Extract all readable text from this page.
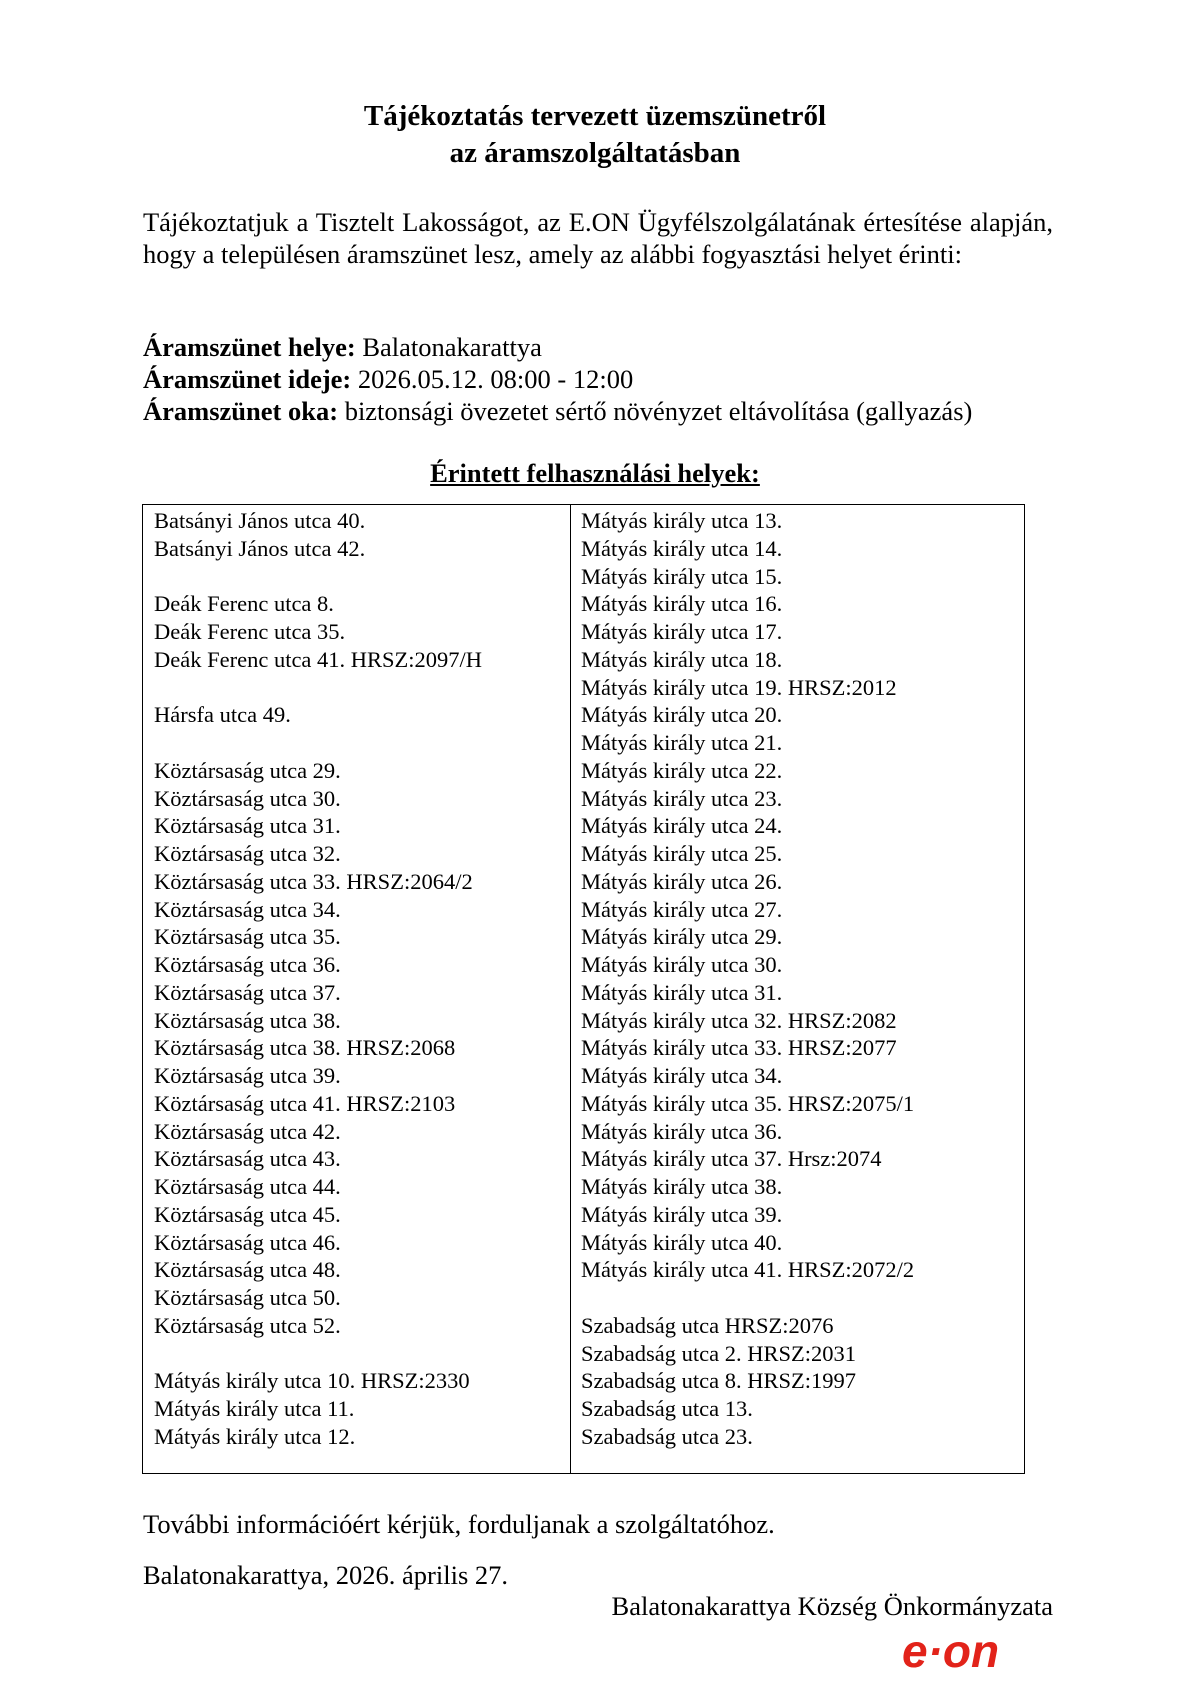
Tájékoztatás tervezett üzemszünetről
az áramszolgáltatásban
Tájékoztatjuk a Tisztelt Lakosságot, az E.ON Ügyfélszolgálatának értesítése alapján, hogy a településen áramszünet lesz, amely az alábbi fogyasztási helyet érinti:
Áramszünet helye: Balatonakarattya
Áramszünet ideje: 2026.05.12. 08:00 - 12:00
Áramszünet oka: biztonsági övezetet sértő növényzet eltávolítása (gallyazás)
Érintett felhasználási helyek:
Batsányi János utca 40.
Batsányi János utca 42.
Deák Ferenc utca 8.
Deák Ferenc utca 35.
Deák Ferenc utca 41. HRSZ:2097/H
Hársfa utca 49.
Köztársaság utca 29.
Köztársaság utca 30.
Köztársaság utca 31.
Köztársaság utca 32.
Köztársaság utca 33. HRSZ:2064/2
Köztársaság utca 34.
Köztársaság utca 35.
Köztársaság utca 36.
Köztársaság utca 37.
Köztársaság utca 38.
Köztársaság utca 38. HRSZ:2068
Köztársaság utca 39.
Köztársaság utca 41. HRSZ:2103
Köztársaság utca 42.
Köztársaság utca 43.
Köztársaság utca 44.
Köztársaság utca 45.
Köztársaság utca 46.
Köztársaság utca 48.
Köztársaság utca 50.
Köztársaság utca 52.
Mátyás király utca 10. HRSZ:2330
Mátyás király utca 11.
Mátyás király utca 12.
Mátyás király utca 13.
Mátyás király utca 14.
Mátyás király utca 15.
Mátyás király utca 16.
Mátyás király utca 17.
Mátyás király utca 18.
Mátyás király utca 19. HRSZ:2012
Mátyás király utca 20.
Mátyás király utca 21.
Mátyás király utca 22.
Mátyás király utca 23.
Mátyás király utca 24.
Mátyás király utca 25.
Mátyás király utca 26.
Mátyás király utca 27.
Mátyás király utca 29.
Mátyás király utca 30.
Mátyás király utca 31.
Mátyás király utca 32. HRSZ:2082
Mátyás király utca 33. HRSZ:2077
Mátyás király utca 34.
Mátyás király utca 35. HRSZ:2075/1
Mátyás király utca 36.
Mátyás király utca 37. Hrsz:2074
Mátyás király utca 38.
Mátyás király utca 39.
Mátyás király utca 40.
Mátyás király utca 41. HRSZ:2072/2
Szabadság utca HRSZ:2076
Szabadság utca 2. HRSZ:2031
Szabadság utca 8. HRSZ:1997
Szabadság utca 13.
Szabadság utca 23.
További információért kérjük, forduljanak a szolgáltatóhoz.
Balatonakarattya, 2026. április 27.
Balatonakarattya Község Önkormányzata
e·on
